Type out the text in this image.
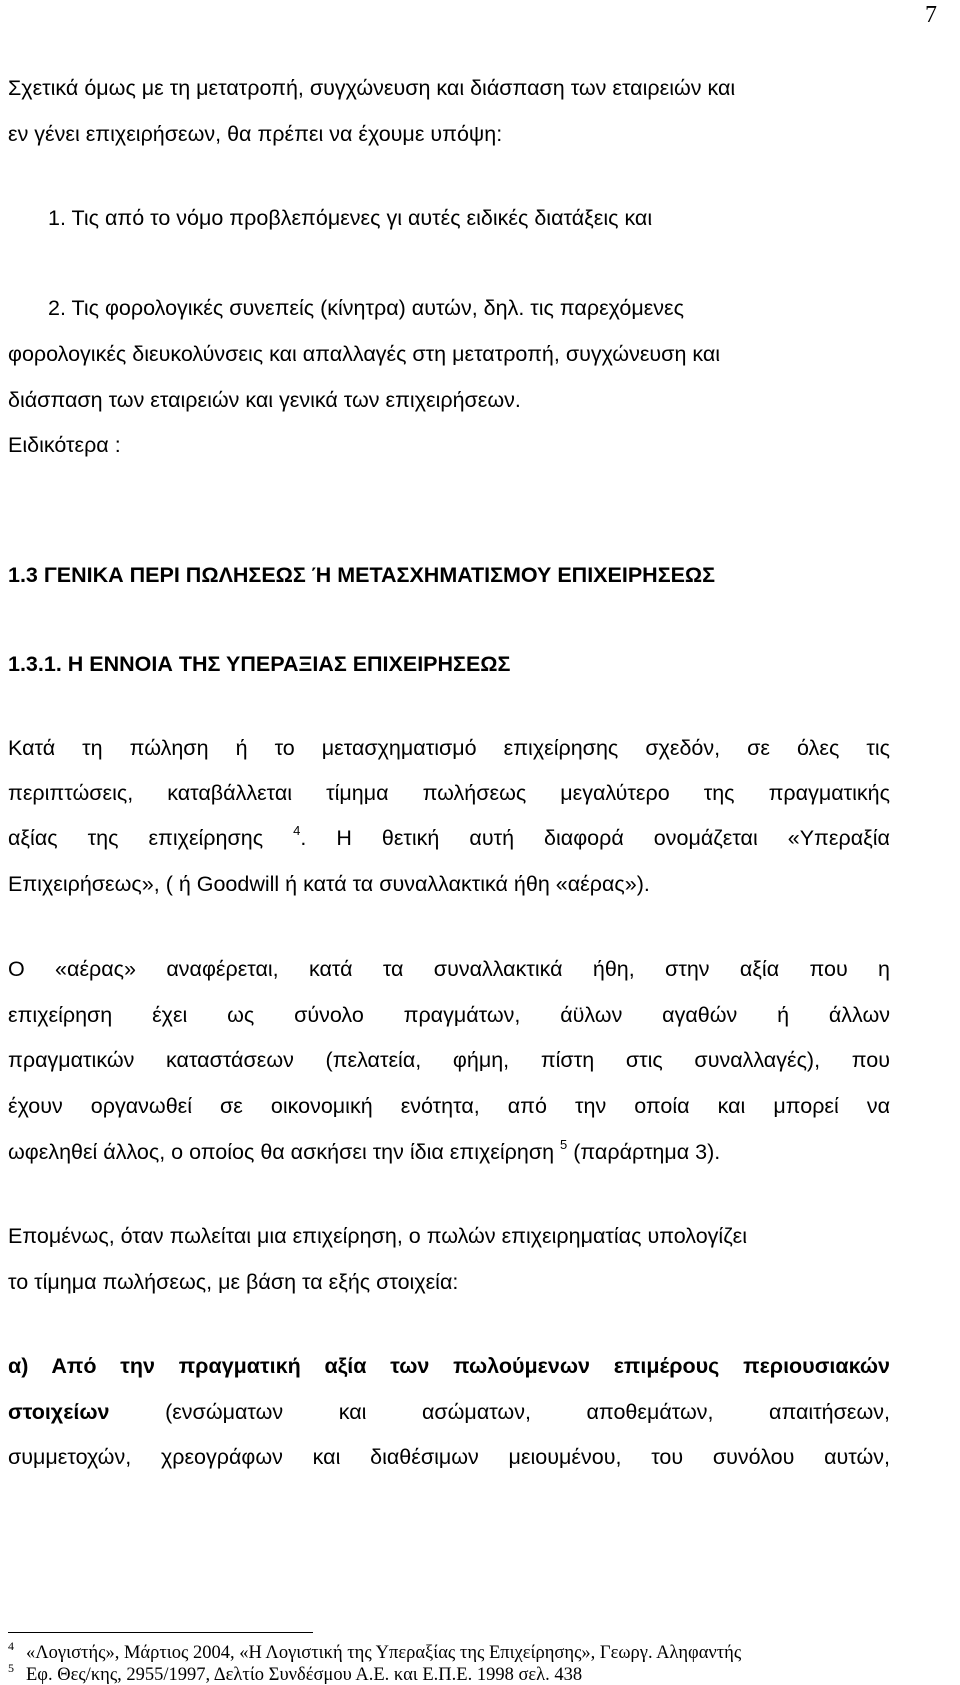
7
Σχετικά όμως με τη μετατροπή, συγχώνευση και διάσπαση των εταιρειών και
εν γένει επιχειρήσεων, θα πρέπει να έχουμε υπόψη:
1. Τις από το νόμο προβλεπόμενες γι αυτές ειδικές διατάξεις και
2. Τις φορολογικές συνεπείς (κίνητρα) αυτών, δηλ. τις παρεχόμενες
φορολογικές διευκολύνσεις και απαλλαγές στη μετατροπή, συγχώνευση και
διάσπαση των εταιρειών και γενικά των επιχειρήσεων.
Ειδικότερα :
1.3 ΓΕΝΙΚΑ ΠΕΡΙ ΠΩΛΗΣΕΩΣ Ή ΜΕΤΑΣΧΗΜΑΤΙΣΜΟΥ ΕΠΙΧΕΙΡΗΣΕΩΣ
1.3.1. Η ΕΝΝΟΙΑ ΤΗΣ ΥΠΕΡΑΞΙΑΣ ΕΠΙΧΕΙΡΗΣΕΩΣ
Κατά τη πώληση ή το μετασχηματισμό επιχείρησης σχεδόν, σε όλες τις
περιπτώσεις, καταβάλλεται τίμημα πωλήσεως μεγαλύτερο της πραγματικής
αξίας της επιχείρησης $^4$. Η θετική αυτή διαφορά ονομάζεται «Υπεραξία
Επιχειρήσεως», ( ή Goodwill ή κατά τα συναλλακτικά ήθη «αέρας»).
Ο «αέρας» αναφέρεται, κατά τα συναλλακτικά ήθη, στην αξία που η
επιχείρηση έχει ως σύνολο πραγμάτων, άϋλων αγαθών ή άλλων
πραγματικών καταστάσεων (πελατεία, φήμη, πίστη στις συναλλαγές), που
έχουν οργανωθεί σε οικονομική ενότητα, από την οποία και μπορεί να
ωφεληθεί άλλος, ο οποίος θα ασκήσει την ίδια επιχείρηση $^5$ (παράρτημα 3).
Επομένως, όταν πωλείται μια επιχείρηση, ο πωλών επιχειρηματίας υπολογίζει
το τίμημα πωλήσεως, με βάση τα εξής στοιχεία:
α) Από την πραγματική αξία των πωλούμενων επιμέρους περιουσιακών
στοιχείων	(ενσώματων και ασώματων, αποθεμάτων, απαιτήσεων,
συμμετοχών, χρεογράφων και διαθέσιμων μειουμένου, του συνόλου αυτών,
$^4$ «Λογιστής», Μάρτιος 2004, «Η Λογιστική της Υπεραξίας της Επιχείρησης», Γεωργ. Αληφαντής
$^5$ Εφ. Θες/κης, 2955/1997, Δελτίο Συνδέσμου Α.Ε. και Ε.Π.Ε. 1998 σελ. 438
